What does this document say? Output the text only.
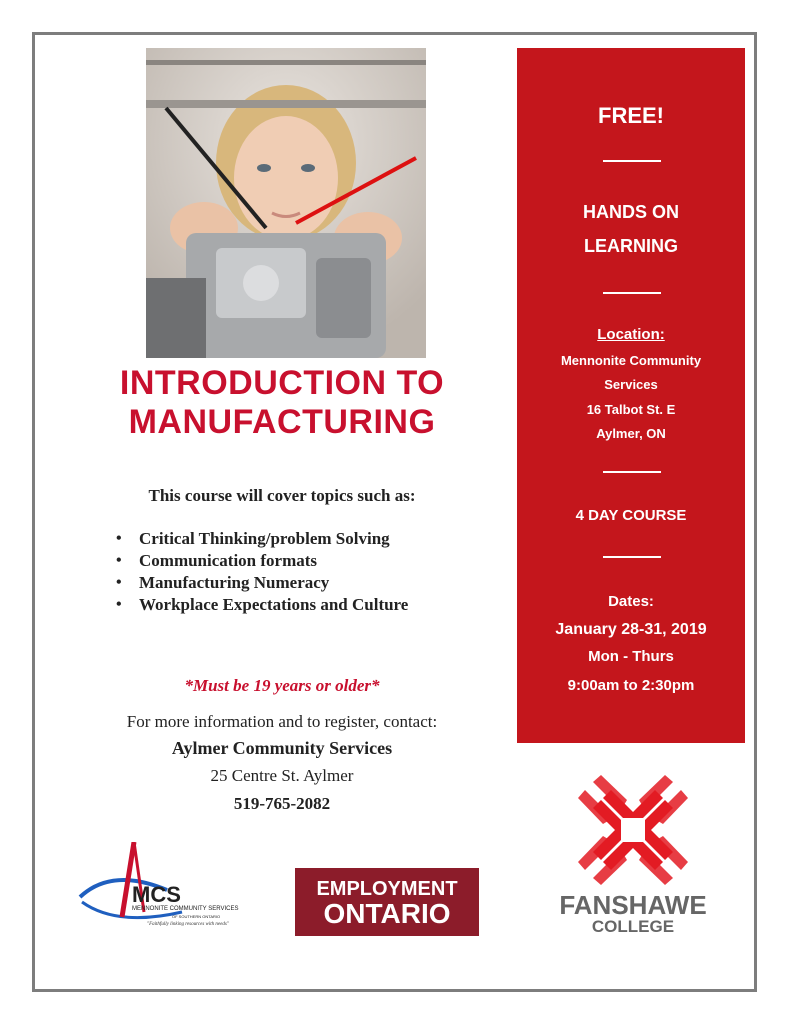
INTRODUCTION TO
MANUFACTURING
This course will cover topics such as:
• Critical Thinking/problem Solving
• Communication formats
• Manufacturing Numeracy
• Workplace Expectations and Culture
*Must be 19 years or older*
For more information and to register, contact:
Aylmer Community Services
25 Centre St. Aylmer
519-765-2082
FREE!
HANDS ON
LEARNING
Location:
Mennonite Community
Services
16 Talbot St. E
Aylmer, ON
4 DAY COURSE
Dates:
January 28-31, 2019
Mon - Thurs
9:00am to 2:30pm
MCS
MENNONITE COMMUNITY SERVICES
OF SOUTHERN ONTARIO
"Faithfully linking resources with needs"
EMPLOYMENT
ONTARIO	FANSHAWE
COLLEGE
